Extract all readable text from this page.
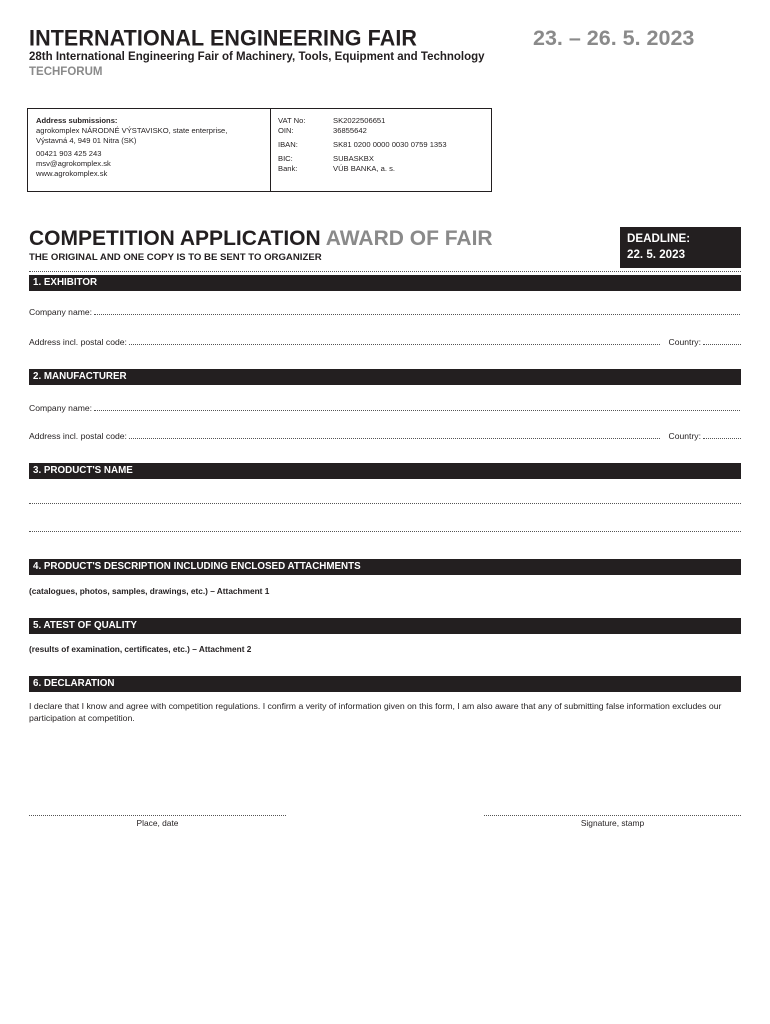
INTERNATIONAL ENGINEERING FAIR	23. – 26. 5. 2023
28th International Engineering Fair of Machinery, Tools, Equipment and Technology
TECHFORUM
Address submissions:
agrokomplex NÁRODNÉ VÝSTAVISKO, state enterprise,
Výstavná 4, 949 01 Nitra (SK)
00421 903 425 243
msv@agrokomplex.sk
www.agrokomplex.sk
VAT No:	SK2022506651
OIN:	36855642
IBAN:	SK81 0200 0000 0030 0759 1353
BIC:	SUBASKBX
Bank:	VÚB BANKA, a. s.
COMPETITION APPLICATION AWARD OF FAIR
THE ORIGINAL AND ONE COPY IS TO BE SENT TO ORGANIZER
DEADLINE:
22. 5. 2023
1. EXHIBITOR
Company name:
Address incl. postal code:	Country:
2. MANUFACTURER
Company name:
Address incl. postal code:	Country:
3. PRODUCT'S NAME
4. PRODUCT'S DESCRIPTION INCLUDING ENCLOSED ATTACHMENTS
(catalogues, photos, samples, drawings, etc.) – Attachment 1
5. ATEST OF QUALITY
(results of examination, certificates, etc.) – Attachment 2
6. DECLARATION
I declare that I know and agree with competition regulations. I confirm a verity of information given on this form, I am also aware that any of submitting false information excludes our participation at competition.
Place, date	Signature, stamp
